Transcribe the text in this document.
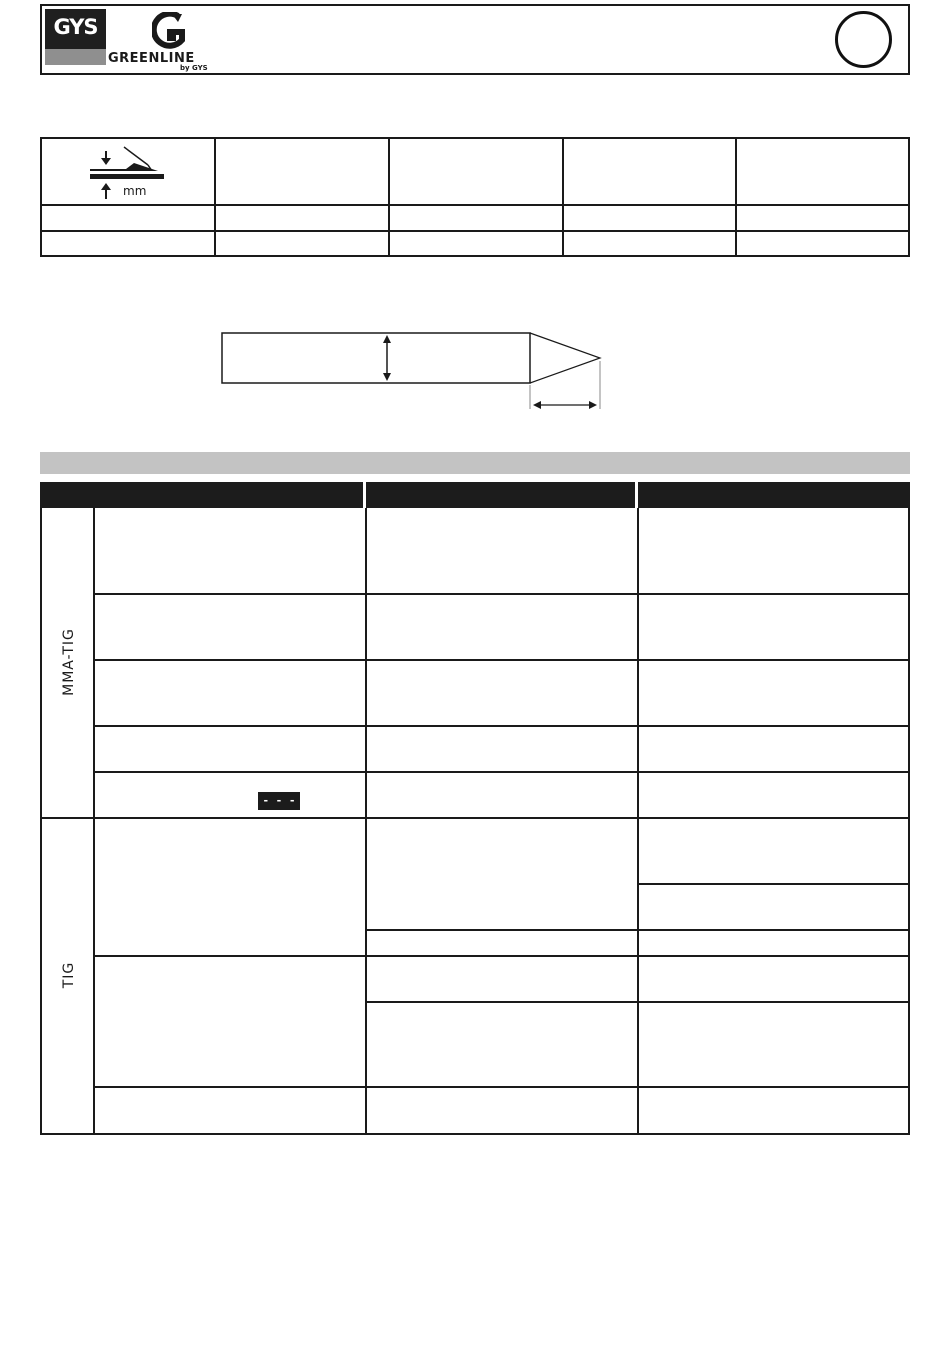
GYS
GREENLINE
by GYS
mm
MMA-TIG
TIG
- - -
